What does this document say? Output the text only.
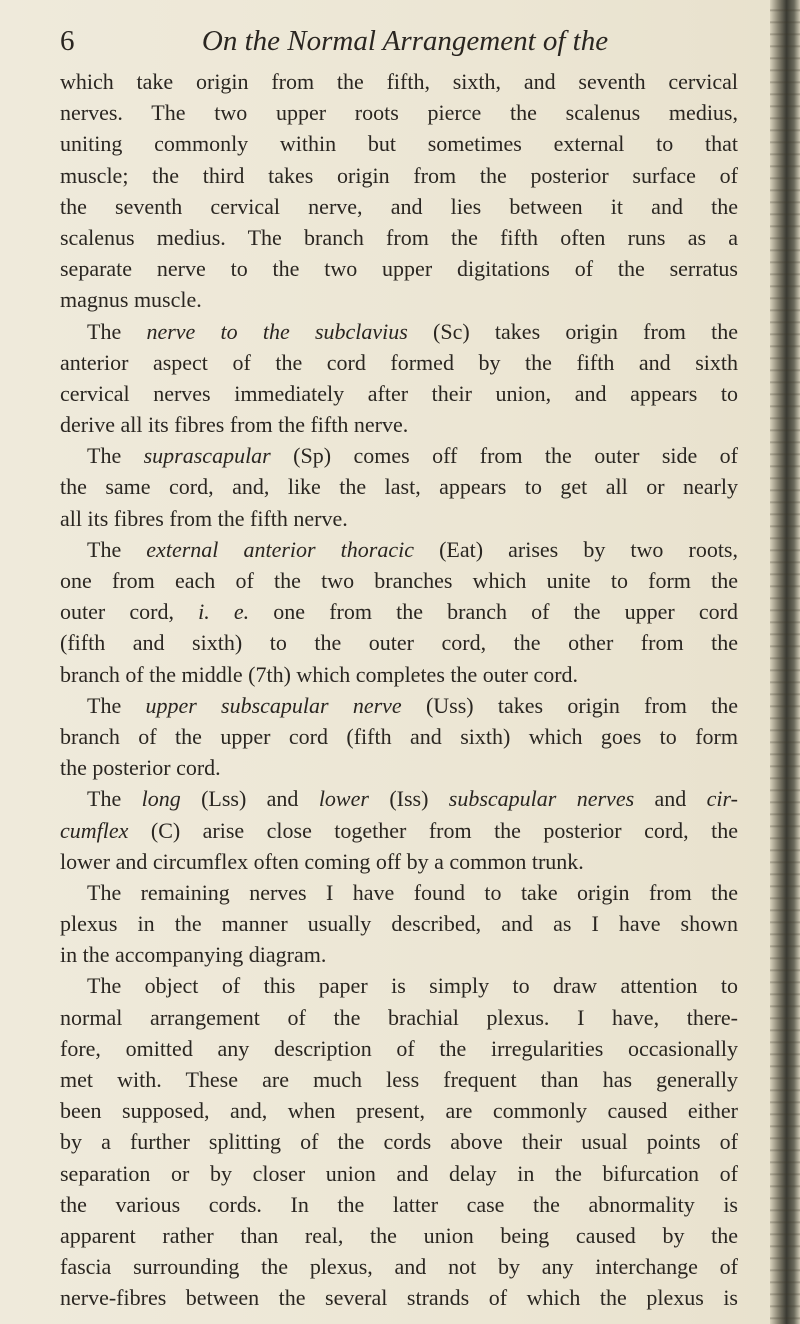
6	On the Normal Arrangement of the
which take origin from the fifth, sixth, and seventh cervical
nerves. The two upper roots pierce the scalenus medius,
uniting commonly within but sometimes external to that
muscle; the third takes origin from the posterior surface of
the seventh cervical nerve, and lies between it and the
scalenus medius. The branch from the fifth often runs as a
separate nerve to the two upper digitations of the serratus
magnus muscle.
The nerve to the subclavius (Sc) takes origin from the
anterior aspect of the cord formed by the fifth and sixth
cervical nerves immediately after their union, and appears to
derive all its fibres from the fifth nerve.
The suprascapular (Sp) comes off from the outer side of
the same cord, and, like the last, appears to get all or nearly
all its fibres from the fifth nerve.
The external anterior thoracic (Eat) arises by two roots,
one from each of the two branches which unite to form the
outer cord, i. e. one from the branch of the upper cord
(fifth and sixth) to the outer cord, the other from the
branch of the middle (7th) which completes the outer cord.
The upper subscapular nerve (Uss) takes origin from the
branch of the upper cord (fifth and sixth) which goes to form
the posterior cord.
The long (Lss) and lower (Iss) subscapular nerves and cir-
cumflex (C) arise close together from the posterior cord, the
lower and circumflex often coming off by a common trunk.
The remaining nerves I have found to take origin from the
plexus in the manner usually described, and as I have shown
in the accompanying diagram.
The object of this paper is simply to draw attention to
normal arrangement of the brachial plexus. I have, there-
fore, omitted any description of the irregularities occasionally
met with. These are much less frequent than has generally
been supposed, and, when present, are commonly caused either
by a further splitting of the cords above their usual points of
separation or by closer union and delay in the bifurcation of
the various cords. In the latter case the abnormality is
apparent rather than real, the union being caused by the
fascia surrounding the plexus, and not by any interchange of
nerve-fibres between the several strands of which the plexus is
